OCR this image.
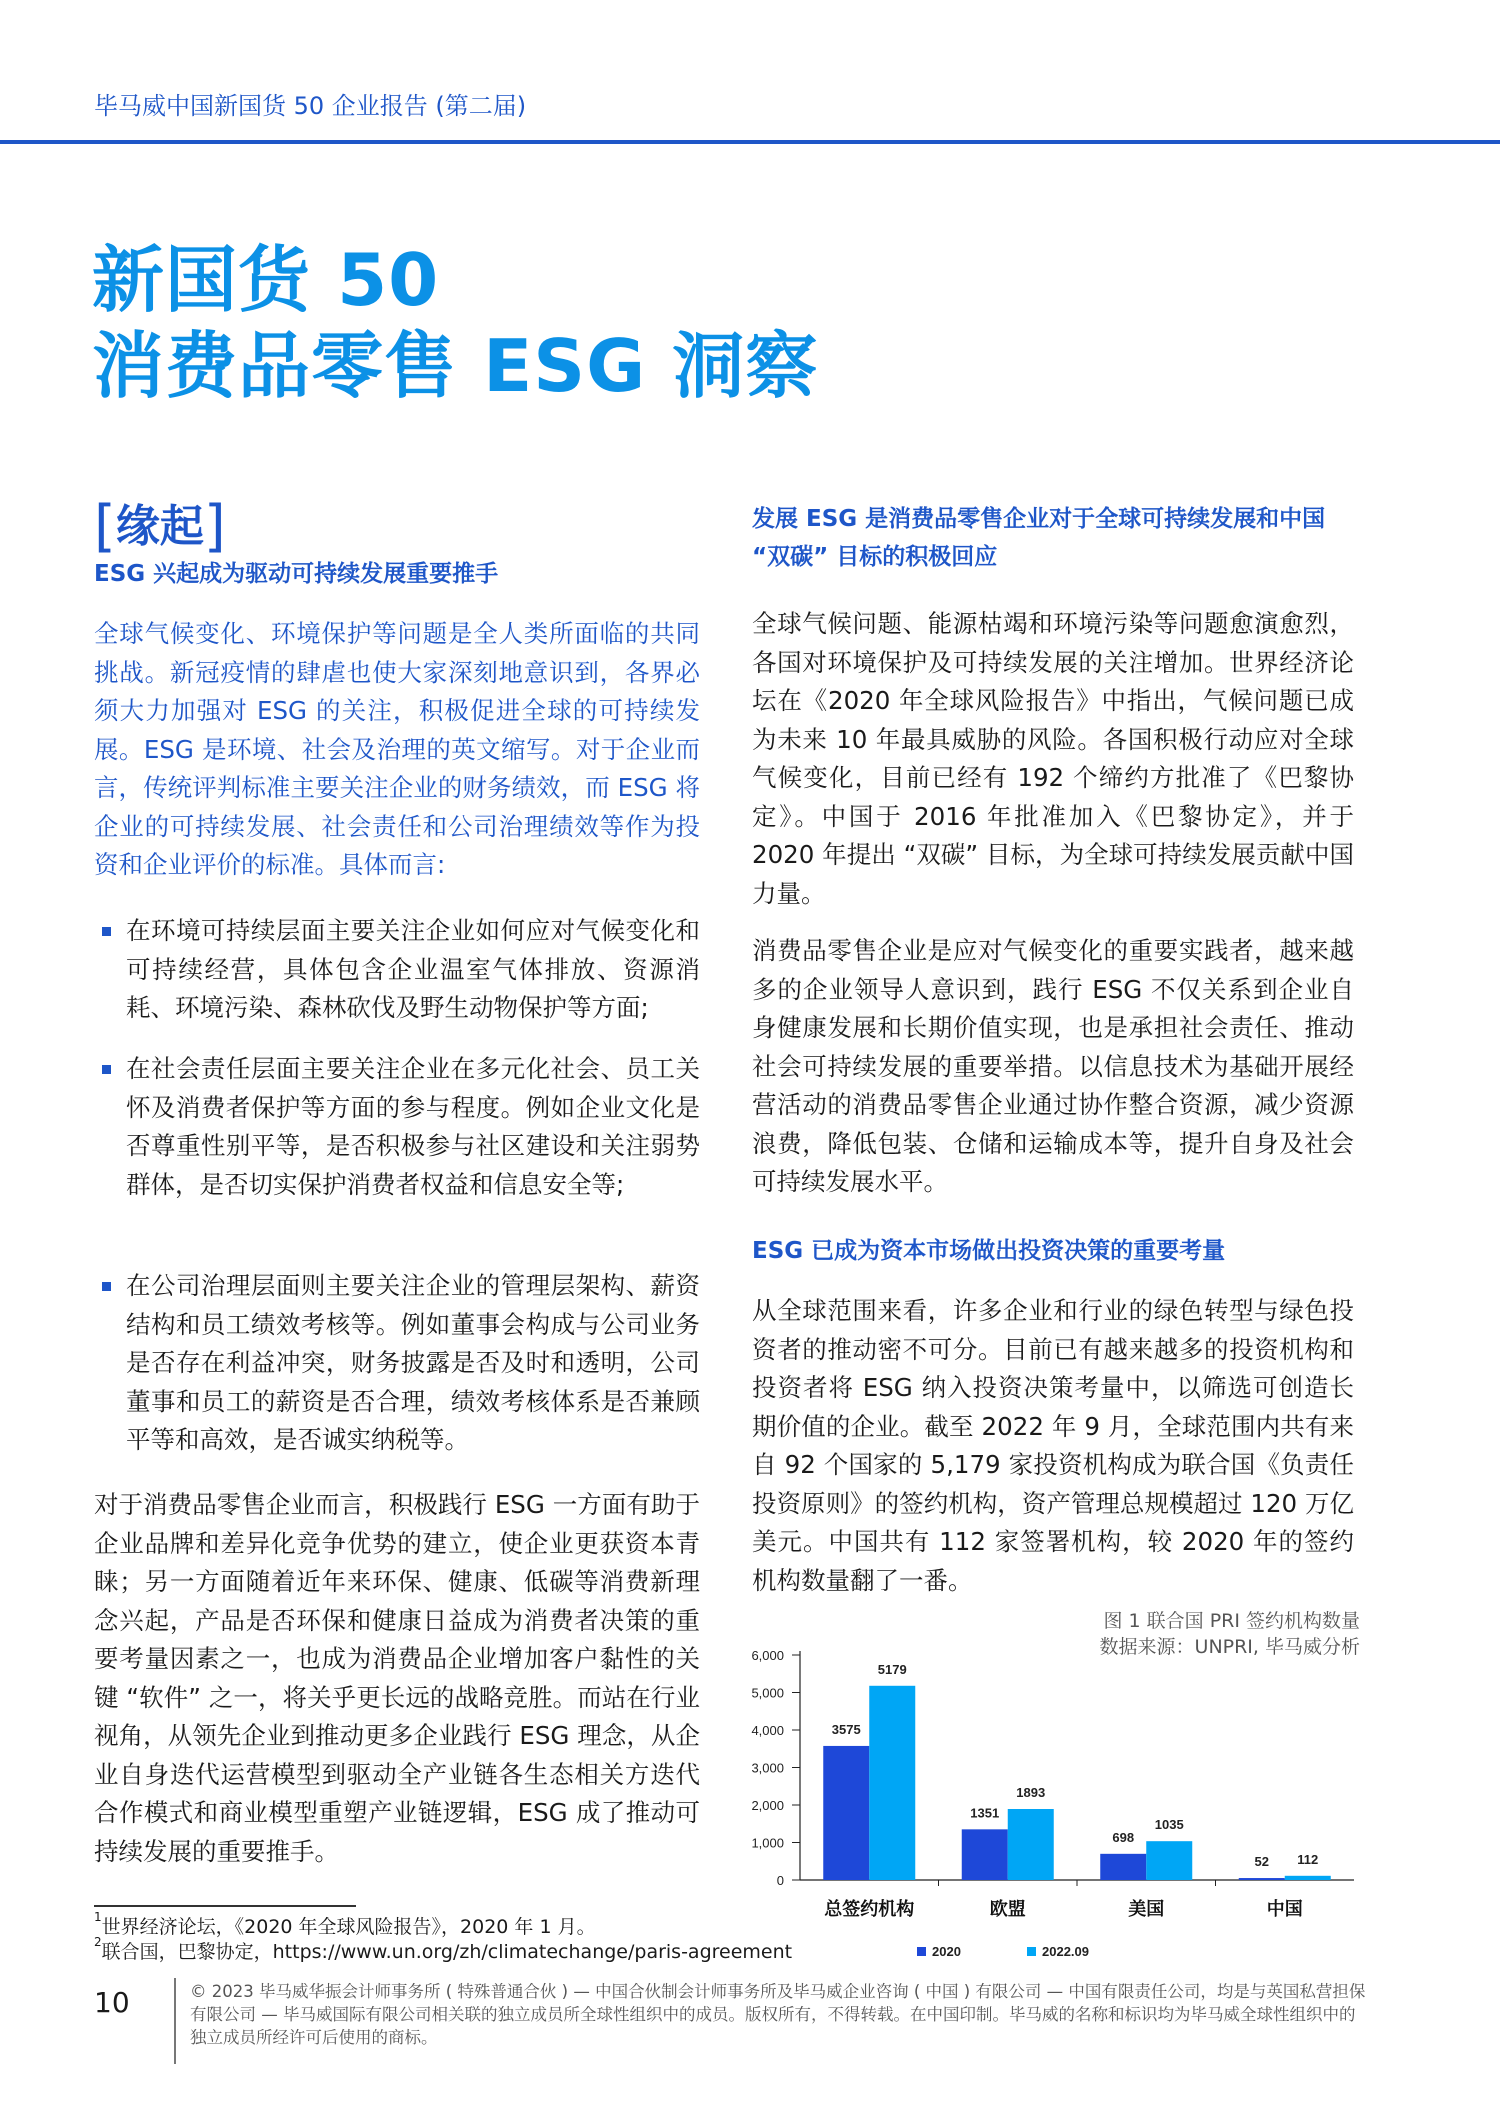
毕马威中国新国货 50 企业报告 (第二届)
新国货 50
消费品零售 ESG 洞察
[缘起]
ESG 兴起成为驱动可持续发展重要推手
全球气候变化、环境保护等问题是全人类所面临的共同挑战。新冠疫情的肆虐也使大家深刻地意识到，各界必须大力加强对 ESG 的关注，积极促进全球的可持续发展。ESG 是环境、社会及治理的英文缩写。对于企业而言，传统评判标准主要关注企业的财务绩效，而 ESG 将企业的可持续发展、社会责任和公司治理绩效等作为投资和企业评价的标准。具体而言:
在环境可持续层面主要关注企业如何应对气候变化和可持续经营，具体包含企业温室气体排放、资源消耗、环境污染、森林砍伐及野生动物保护等方面;
在社会责任层面主要关注企业在多元化社会、员工关怀及消费者保护等方面的参与程度。例如企业文化是否尊重性别平等，是否积极参与社区建设和关注弱势群体，是否切实保护消费者权益和信息安全等;
在公司治理层面则主要关注企业的管理层架构、薪资结构和员工绩效考核等。例如董事会构成与公司业务是否存在利益冲突，财务披露是否及时和透明，公司董事和员工的薪资是否合理，绩效考核体系是否兼顾平等和高效，是否诚实纳税等。
对于消费品零售企业而言，积极践行 ESG 一方面有助于企业品牌和差异化竞争优势的建立，使企业更获资本青睐；另一方面随着近年来环保、健康、低碳等消费新理念兴起，产品是否环保和健康日益成为消费者决策的重要考量因素之一，也成为消费品企业增加客户黏性的关键 “软件” 之一，将关乎更长远的战略竞胜。而站在行业视角，从领先企业到推动更多企业践行 ESG 理念，从企业自身迭代运营模型到驱动全产业链各生态相关方迭代合作模式和商业模型重塑产业链逻辑，ESG 成了推动可持续发展的重要推手。
发展 ESG 是消费品零售企业对于全球可持续发展和中国 “双碳” 目标的积极回应
全球气候问题、能源枯竭和环境污染等问题愈演愈烈，各国对环境保护及可持续发展的关注增加。世界经济论坛在《2020 年全球风险报告》中指出，气候问题已成为未来 10 年最具威胁的风险。各国积极行动应对全球气候变化，目前已经有 192 个缔约方批准了《巴黎协定》。中国于 2016 年批准加入《巴黎协定》，并于 2020 年提出 “双碳” 目标，为全球可持续发展贡献中国力量。
消费品零售企业是应对气候变化的重要实践者，越来越多的企业领导人意识到，践行 ESG 不仅关系到企业自身健康发展和长期价值实现，也是承担社会责任、推动社会可持续发展的重要举措。以信息技术为基础开展经营活动的消费品零售企业通过协作整合资源，减少资源浪费，降低包装、仓储和运输成本等，提升自身及社会可持续发展水平。
ESG 已成为资本市场做出投资决策的重要考量
从全球范围来看，许多企业和行业的绿色转型与绿色投资者的推动密不可分。目前已有越来越多的投资机构和投资者将 ESG 纳入投资决策考量中，以筛选可创造长期价值的企业。截至 2022 年 9 月，全球范围内共有来自 92 个国家的 5,179 家投资机构成为联合国《负责任投资原则》的签约机构，资产管理总规模超过 120 万亿美元。中国共有 112 家签署机构，较 2020 年的签约机构数量翻了一番。
图 1 联合国 PRI 签约机构数量
数据来源：UNPRI, 毕马威分析
6,000
5,000
4,000
3,000
2,000
1,000
0
3575
5179
总签约机构
1351
1893
欧盟
698
1035
美国
52 112
中国
2020	2022.09
$^1$世界经济论坛，《2020 年全球风险报告》，2020 年 1 月。
$^2$联合国，巴黎协定，https://www.un.org/zh/climatechange/paris-agreement
10	© 2023 毕马威华振会计师事务所 ( 特殊普通合伙 ) — 中国合伙制会计师事务所及毕马威企业咨询 ( 中国 ) 有限公司 — 中国有限责任公司，均是与英国私营担保有限公司 — 毕马威国际有限公司相关联的独立成员所全球性组织中的成员。版权所有，不得转载。在中国印制。毕马威的名称和标识均为毕马威全球性组织中的独立成员所经许可后使用的商标。
